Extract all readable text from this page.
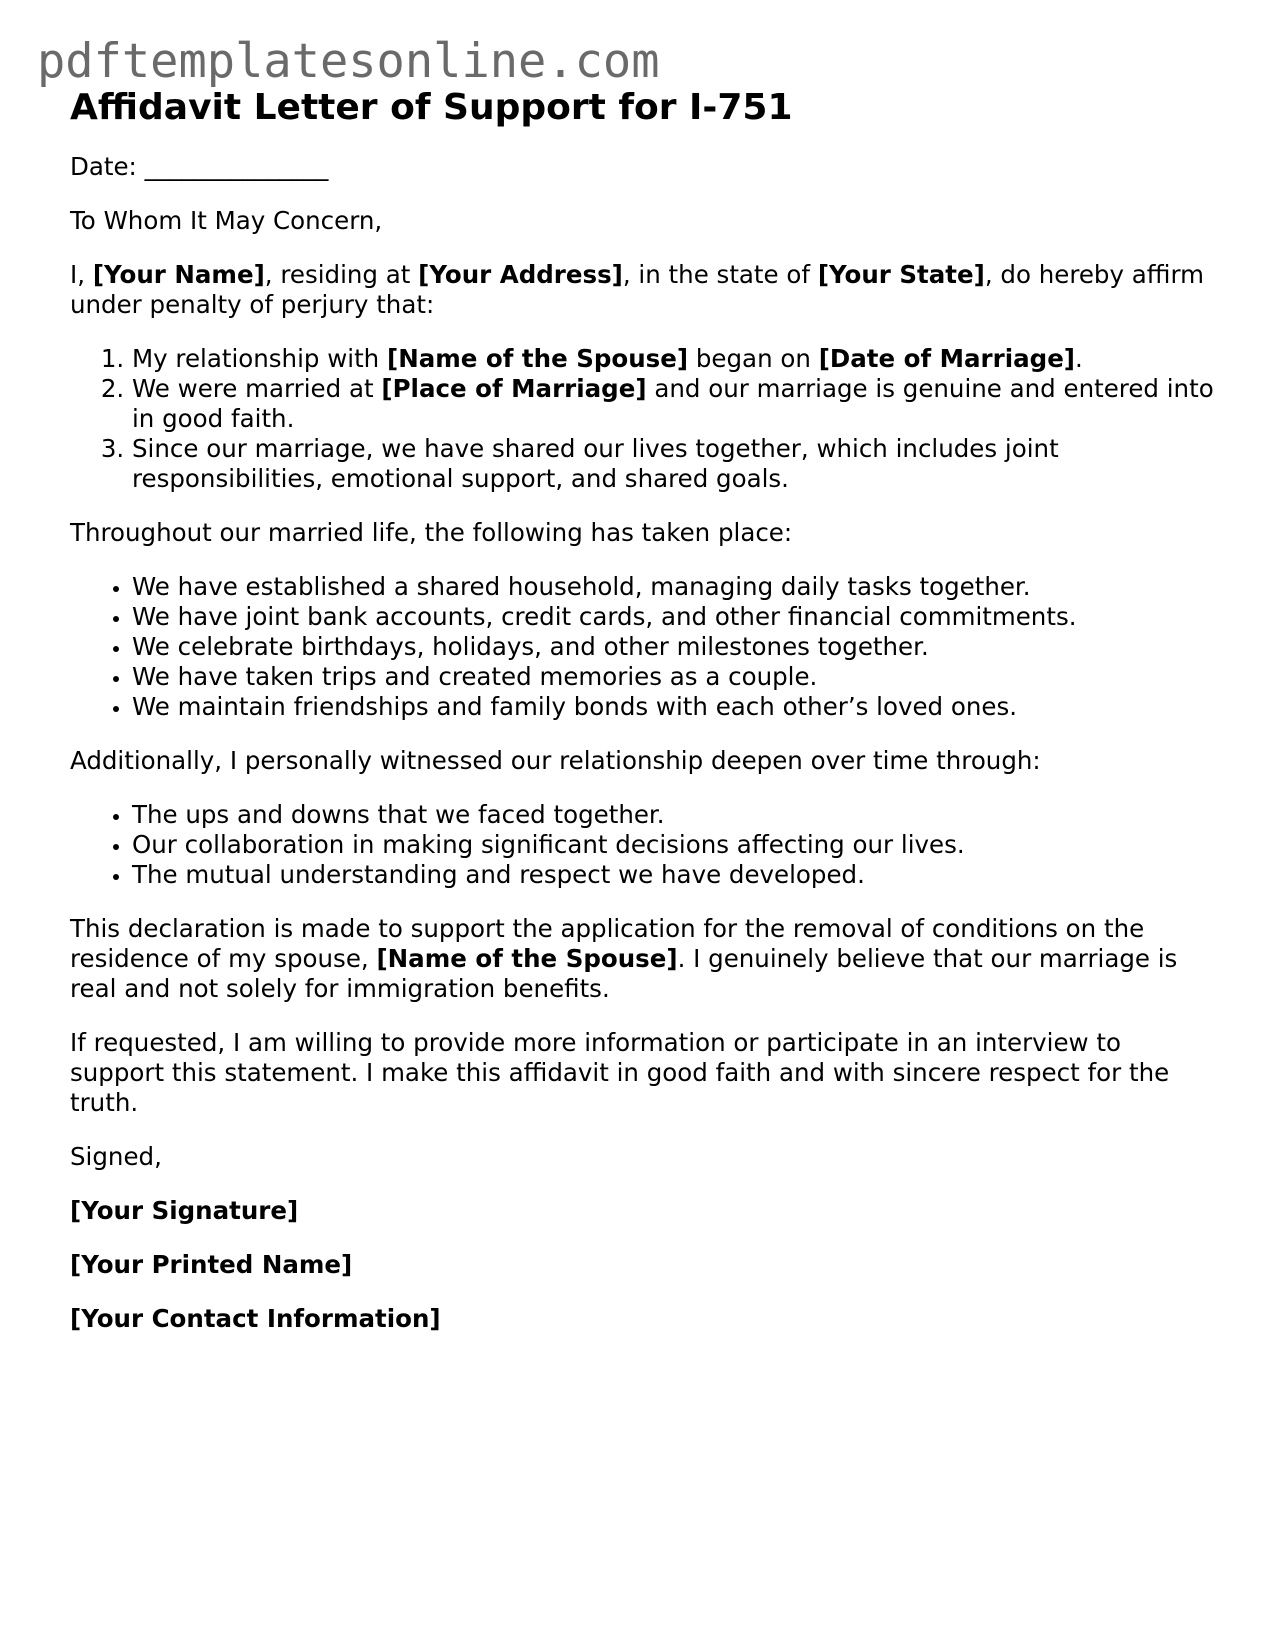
pdftemplatesonline.com
Affidavit Letter of Support for I-751

Date: _______________

To Whom It May Concern,

I, [Your Name], residing at [Your Address], in the state of [Your State], do hereby affirm under penalty of perjury that:

1. My relationship with [Name of the Spouse] began on [Date of Marriage].
2. We were married at [Place of Marriage] and our marriage is genuine and entered into in good faith.
3. Since our marriage, we have shared our lives together, which includes joint responsibilities, emotional support, and shared goals.

Throughout our married life, the following has taken place:

• We have established a shared household, managing daily tasks together.
• We have joint bank accounts, credit cards, and other financial commitments.
• We celebrate birthdays, holidays, and other milestones together.
• We have taken trips and created memories as a couple.
• We maintain friendships and family bonds with each other’s loved ones.

Additionally, I personally witnessed our relationship deepen over time through:

• The ups and downs that we faced together.
• Our collaboration in making significant decisions affecting our lives.
• The mutual understanding and respect we have developed.

This declaration is made to support the application for the removal of conditions on the residence of my spouse, [Name of the Spouse]. I genuinely believe that our marriage is real and not solely for immigration benefits.

If requested, I am willing to provide more information or participate in an interview to support this statement. I make this affidavit in good faith and with sincere respect for the truth.

Signed,

[Your Signature]

[Your Printed Name]

[Your Contact Information]
